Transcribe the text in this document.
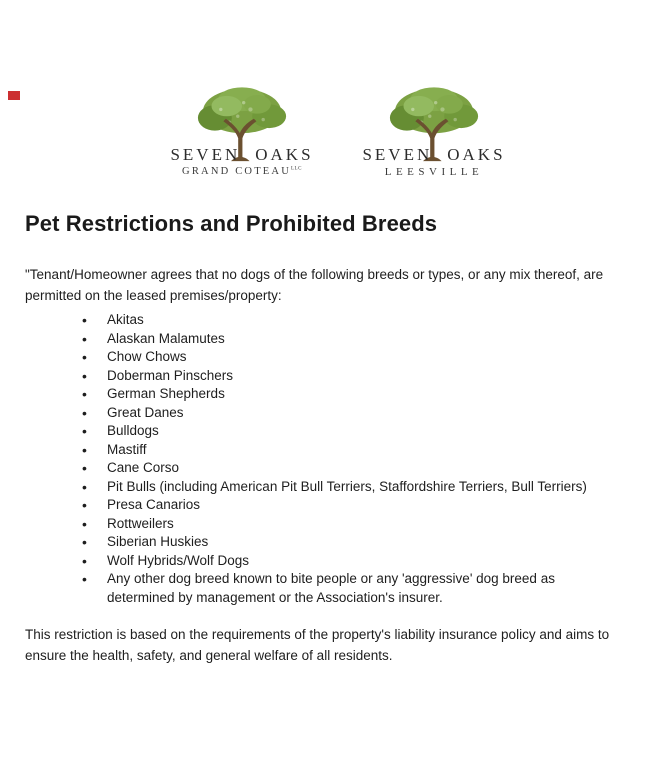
SEVEN OAKS
GRAND $COTEAU^{LLC}$
SEVEN OAKS
LEESVILLE
Pet Restrictions and Prohibited Breeds

"Tenant/Homeowner agrees that no dogs of the following breeds or types, or any mix thereof, are permitted on the leased premises/property:

• Akitas
• Alaskan Malamutes
• Chow Chows
• Doberman Pinschers
• German Shepherds
• Great Danes
• Bulldogs
• Mastiff
• Cane Corso
• Pit Bulls (including American Pit Bull Terriers, Staffordshire Terriers, Bull Terriers)
• Presa Canarios
• Rottweilers
• Siberian Huskies
• Wolf Hybrids/Wolf Dogs
• Any other dog breed known to bite people or any 'aggressive' dog breed as determined by management or the Association's insurer.

This restriction is based on the requirements of the property's liability insurance policy and aims to ensure the health, safety, and general welfare of all residents.
